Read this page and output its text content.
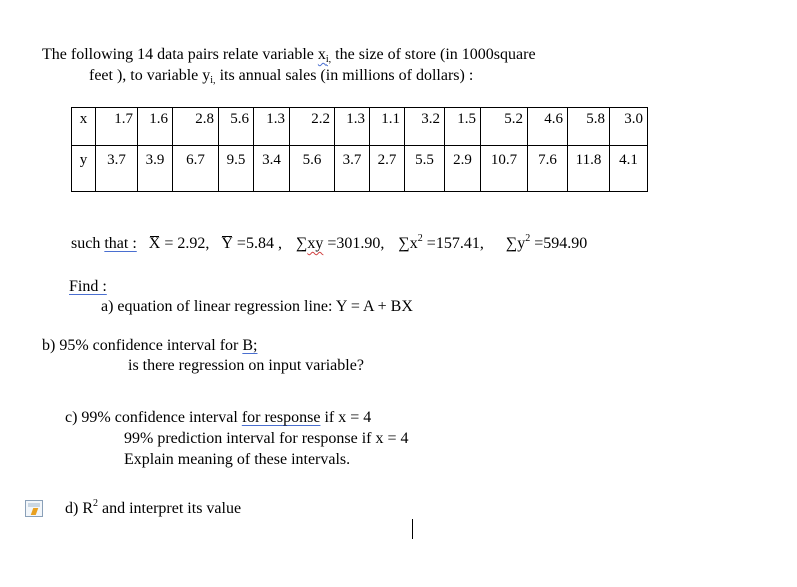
The following 14 data pairs relate variable $x_{i,}$ the size of store (in 1000square
feet ), to variable $y_{i,}$ its annual sales (in millions of dollars) :
x	1.7	1.6	2.8	5.6	1.3	2.2	1.3	1.1	3.2	1.5	5.2	4.6	5.8	3.0
y	3.7	3.9	6.7	9.5	3.4	5.6	3.7	2.7	5.5	2.9	10.7	7.6	11.8	4.1
such that : X = 2.92, Y =5.84 , ∑xy =301.90, $\sum x^2 =157.41$, $\sum y^2 =594.90$
Find :
a) equation of linear regression line: Y = A + BX
b) 95% confidence interval for B;
is there regression on input variable?
c) 99% confidence interval for response if x = 4
99% prediction interval for response if x = 4
Explain meaning of these intervals.
d) $R^2$ and interpret its value
